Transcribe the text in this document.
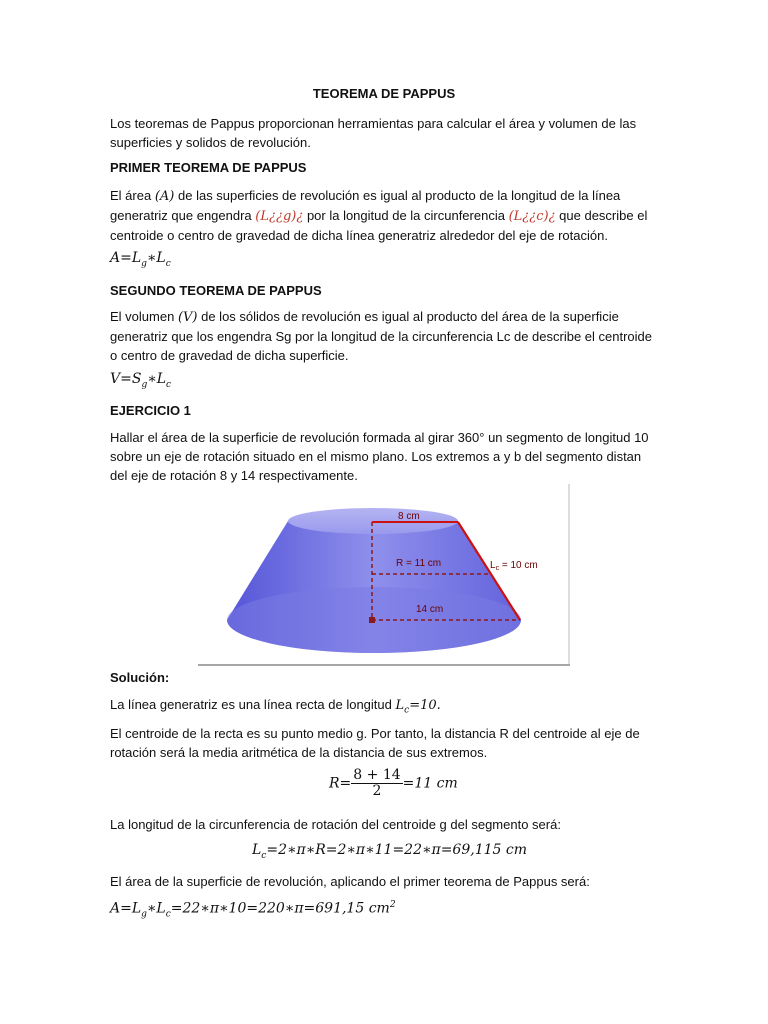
TEOREMA DE PAPPUS
Los teoremas de Pappus proporcionan herramientas para calcular el área y volumen de las superficies y solidos de revolución.
PRIMER TEOREMA DE PAPPUS
El área (A) de las superficies de revolución es igual al producto de la longitud de la línea generatriz que engendra (L¿¿g)¿ por la longitud de la circunferencia (L¿¿c)¿ que describe el centroide o centro de gravedad de dicha línea generatriz alrededor del eje de rotación.
$A=L_g∗L_c$
SEGUNDO TEOREMA DE PAPPUS
El volumen (V) de los sólidos de revolución es igual al producto del área de la superficie generatriz que los engendra Sg por la longitud de la circunferencia Lc de describe el centroide o centro de gravedad de dicha superficie.
$V=S_g∗L_c$
EJERCICIO 1
Hallar el área de la superficie de revolución formada al girar 360° un segmento de longitud 10 sobre un eje de rotación situado en el mismo plano. Los extremos a y b del segmento distan del eje de rotación 8 y 14 respectivamente.
8 cm
R = 11 cm	$L_c = 10$ cm
14 cm
Solución:
La línea generatriz es una línea recta de longitud $L_c=10$.
El centroide de la recta es su punto medio g. Por tanto, la distancia R del centroide al eje de rotación será la media aritmética de la distancia de sus extremos.
$R= \frac{8 + 14}{2} =11$ cm
La longitud de la circunferencia de rotación del centroide g del segmento será:
$L_c=2∗\pi∗R=2∗\pi∗11=22∗\pi=69,115$ cm
El área de la superficie de revolución, aplicando el primer teorema de Pappus será:
$A=L_g∗L_c=22∗\pi∗10=220∗\pi=691,15$ $cm^2$
